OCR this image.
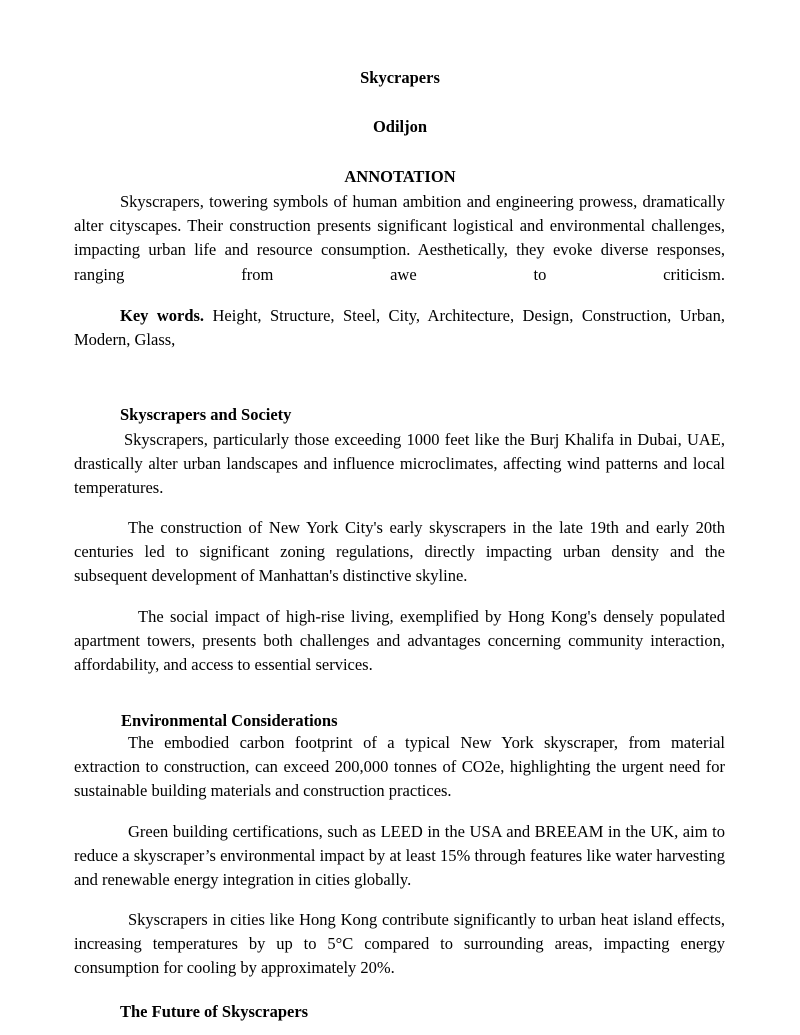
Skycrapers
Odiljon
ANNOTATION
Skyscrapers, towering symbols of human ambition and engineering prowess, dramatically alter cityscapes. Their construction presents significant logistical and environmental challenges, impacting urban life and resource consumption. Aesthetically, they evoke diverse responses, ranging from awe to criticism.
Key words. Height, Structure, Steel, City, Architecture, Design, Construction, Urban, Modern, Glass,
Skyscrapers and Society
Skyscrapers, particularly those exceeding 1000 feet like the Burj Khalifa in Dubai, UAE, drastically alter urban landscapes and influence microclimates, affecting wind patterns and local temperatures.
The construction of New York City's early skyscrapers in the late 19th and early 20th centuries led to significant zoning regulations, directly impacting urban density and the subsequent development of Manhattan's distinctive skyline.
The social impact of high-rise living, exemplified by Hong Kong's densely populated apartment towers, presents both challenges and advantages concerning community interaction, affordability, and access to essential services.
Environmental Considerations
The embodied carbon footprint of a typical New York skyscraper, from material extraction to construction, can exceed 200,000 tonnes of CO2e, highlighting the urgent need for sustainable building materials and construction practices.
Green building certifications, such as LEED in the USA and BREEAM in the UK, aim to reduce a skyscraper’s environmental impact by at least 15% through features like water harvesting and renewable energy integration in cities globally.
Skyscrapers in cities like Hong Kong contribute significantly to urban heat island effects, increasing temperatures by up to 5°C compared to surrounding areas, impacting energy consumption for cooling by approximately 20%.
The Future of Skyscrapers
